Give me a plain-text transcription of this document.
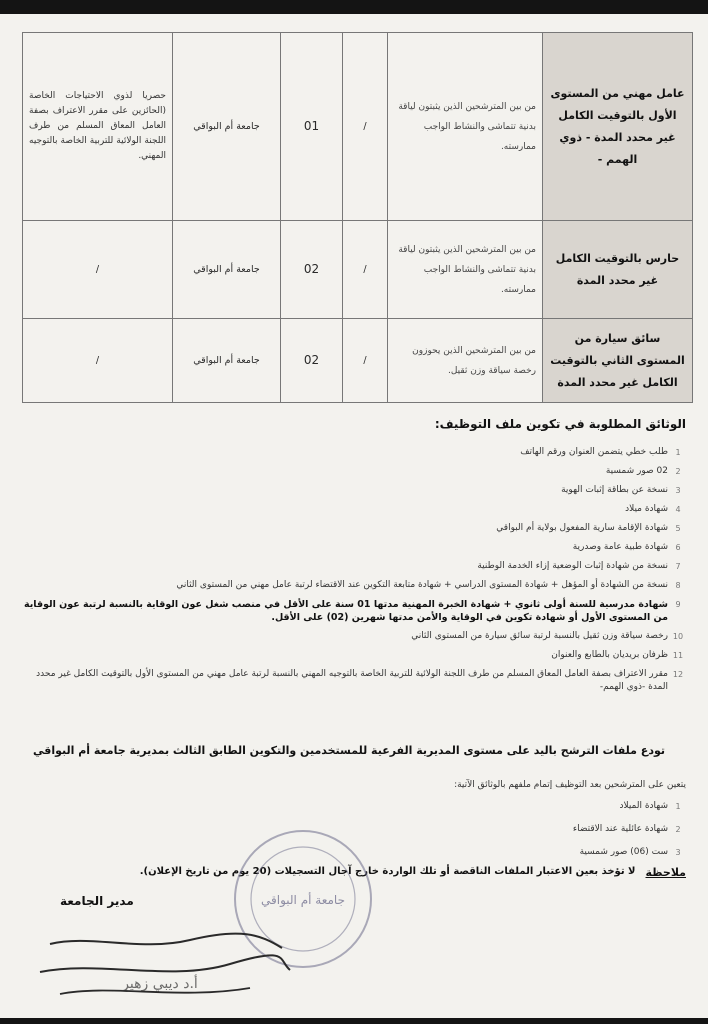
عامل مهني من المستوى الأول بالتوقيت الكامل غير محدد المدة - ذوي الهمم -	من بين المترشحين الذين يثبتون لياقة بدنية تتماشى والنشاط الواجب ممارسته.	/	01	جامعة أم البواقي	حصريا لذوي الاحتياجات الخاصة (الحائزين على مقرر الاعتراف بصفة العامل المعاق المسلم من طرف اللجنة الولائية للتربية الخاصة بالتوجيه المهني.
حارس بالتوقيت الكامل غير محدد المدة	من بين المترشحين الذين يثبتون لياقة بدنية تتماشى والنشاط الواجب ممارسته.	/	02	جامعة أم البواقي	/
سائق سيارة من المستوى الثاني بالتوقيت الكامل غير محدد المدة	من بين المترشحين الذين يحوزون رخصة سياقة وزن ثقيل.	/	02	جامعة أم البواقي	/
الوثائق المطلوبة في تكوين ملف التوظيف:
1
طلب خطي يتضمن العنوان ورقم الهاتف
2
02 صور شمسية
3
نسخة عن بطاقة إثبات الهوية
4
شهادة ميلاد
5
شهادة الإقامة سارية المفعول بولاية أم البواقي
6
شهادة طبية عامة وصدرية
7
نسخة من شهادة إثبات الوضعية إزاء الخدمة الوطنية
8
نسخة من الشهادة أو المؤهل + شهادة المستوى الدراسي + شهادة متابعة التكوين عند الاقتضاء لرتبة عامل مهني من المستوى الثاني
9
شهادة مدرسية للسنة أولى ثانوي + شهادة الخبرة المهنية مدتها 01 سنة على الأقل في منصب شغل عون الوقاية بالنسبة لرتبة عون الوقاية من المستوى الأول أو شهادة تكوين في الوقاية والأمن مدتها شهرين (02) على الأقل.
10
رخصة سياقة وزن ثقيل بالنسبة لرتبة سائق سيارة من المستوى الثاني
11
ظرفان بريديان بالطابع والعنوان
12
مقرر الاعتراف بصفة العامل المعاق المسلم من طرف اللجنة الولائية للتربية الخاصة بالتوجيه المهني بالنسبة لرتبة عامل مهني من المستوى الأول بالتوقيت الكامل غير محدد المدة -ذوي الهمم-
تودع ملفات الترشح باليد على مستوى المديرية الفرعية للمستخدمين والتكوين الطابق الثالث بمديرية جامعة أم البواقي
يتعين على المترشحين بعد التوظيف إتمام ملفهم بالوثائق الآتية:
1
شهادة الميلاد
2
شهادة عائلية عند الاقتضاء
3
ست (06) صور شمسية
ملاحظة
لا تؤخذ بعين الاعتبار الملفات الناقصة أو تلك الواردة خارج آجال التسجيلات (20 يوم من تاريخ الإعلان).
جامعة أم البواقي
مدير الجامعة
أ.د ديبي زهير
